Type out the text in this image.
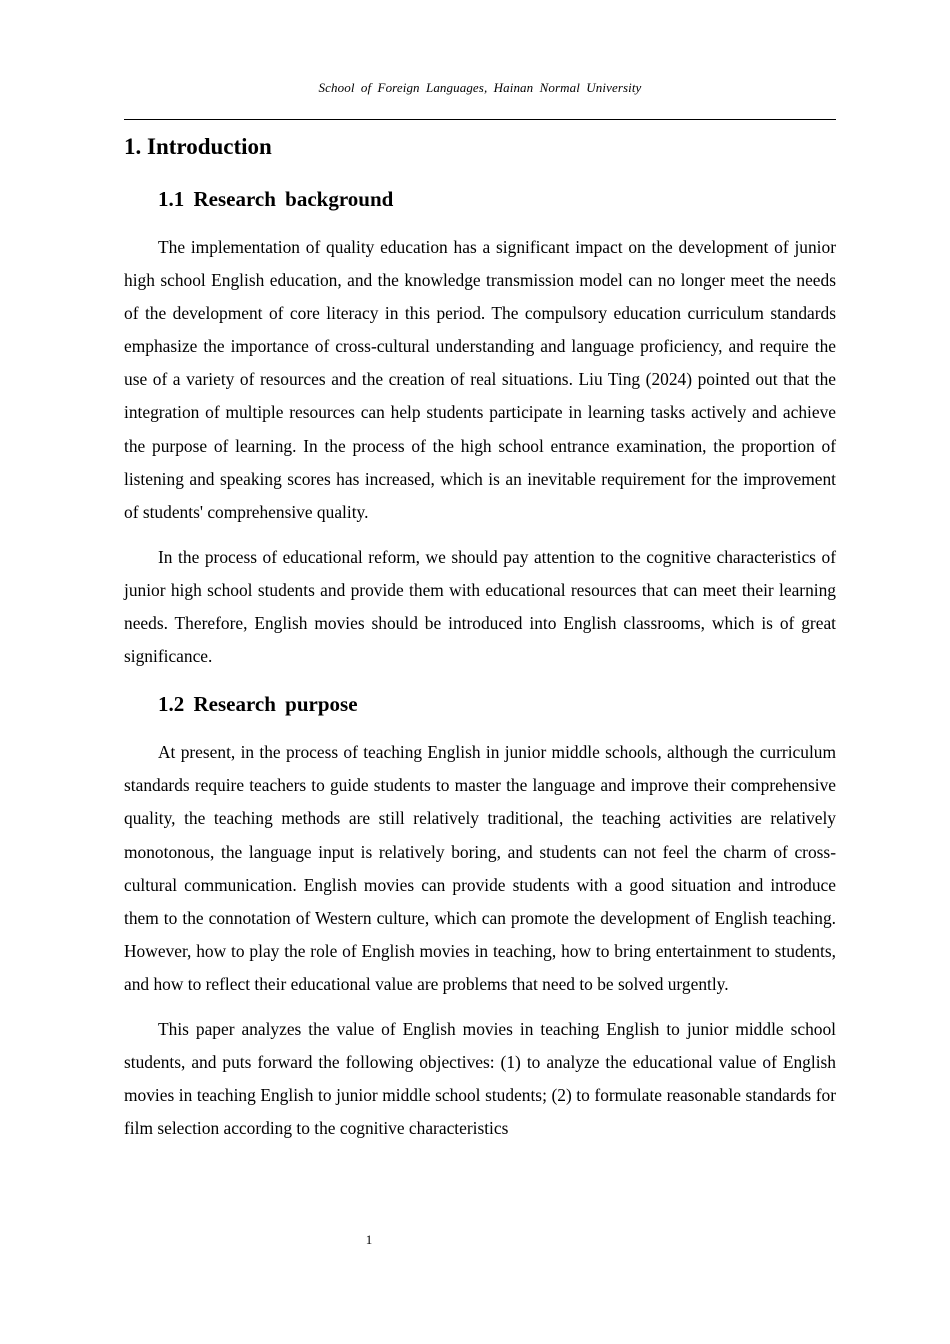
School of Foreign Languages, Hainan Normal University
1. Introduction
1.1 Research background

The implementation of quality education has a significant impact on the development of junior high school English education, and the knowledge transmission model can no longer meet the needs of the development of core literacy in this period. The compulsory education curriculum standards emphasize the importance of cross-cultural understanding and language proficiency, and require the use of a variety of resources and the creation of real situations. Liu Ting (2024) pointed out that the integration of multiple resources can help students participate in learning tasks actively and achieve the purpose of learning. In the process of the high school entrance examination, the proportion of listening and speaking scores has increased, which is an inevitable requirement for the improvement of students' comprehensive quality.

In the process of educational reform, we should pay attention to the cognitive characteristics of junior high school students and provide them with educational resources that can meet their learning needs. Therefore, English movies should be introduced into English classrooms, which is of great significance.

1.2 Research purpose

At present, in the process of teaching English in junior middle schools, although the curriculum standards require teachers to guide students to master the language and improve their comprehensive quality, the teaching methods are still relatively traditional, the teaching activities are relatively monotonous, the language input is relatively boring, and students can not feel the charm of cross-cultural communication. English movies can provide students with a good situation and introduce them to the connotation of Western culture, which can promote the development of English teaching. However, how to play the role of English movies in teaching, how to bring entertainment to students, and how to reflect their educational value are problems that need to be solved urgently.

This paper analyzes the value of English movies in teaching English to junior middle school students, and puts forward the following objectives: (1) to analyze the educational value of English movies in teaching English to junior middle school students; (2) to formulate reasonable standards for film selection according to the cognitive characteristics

1
